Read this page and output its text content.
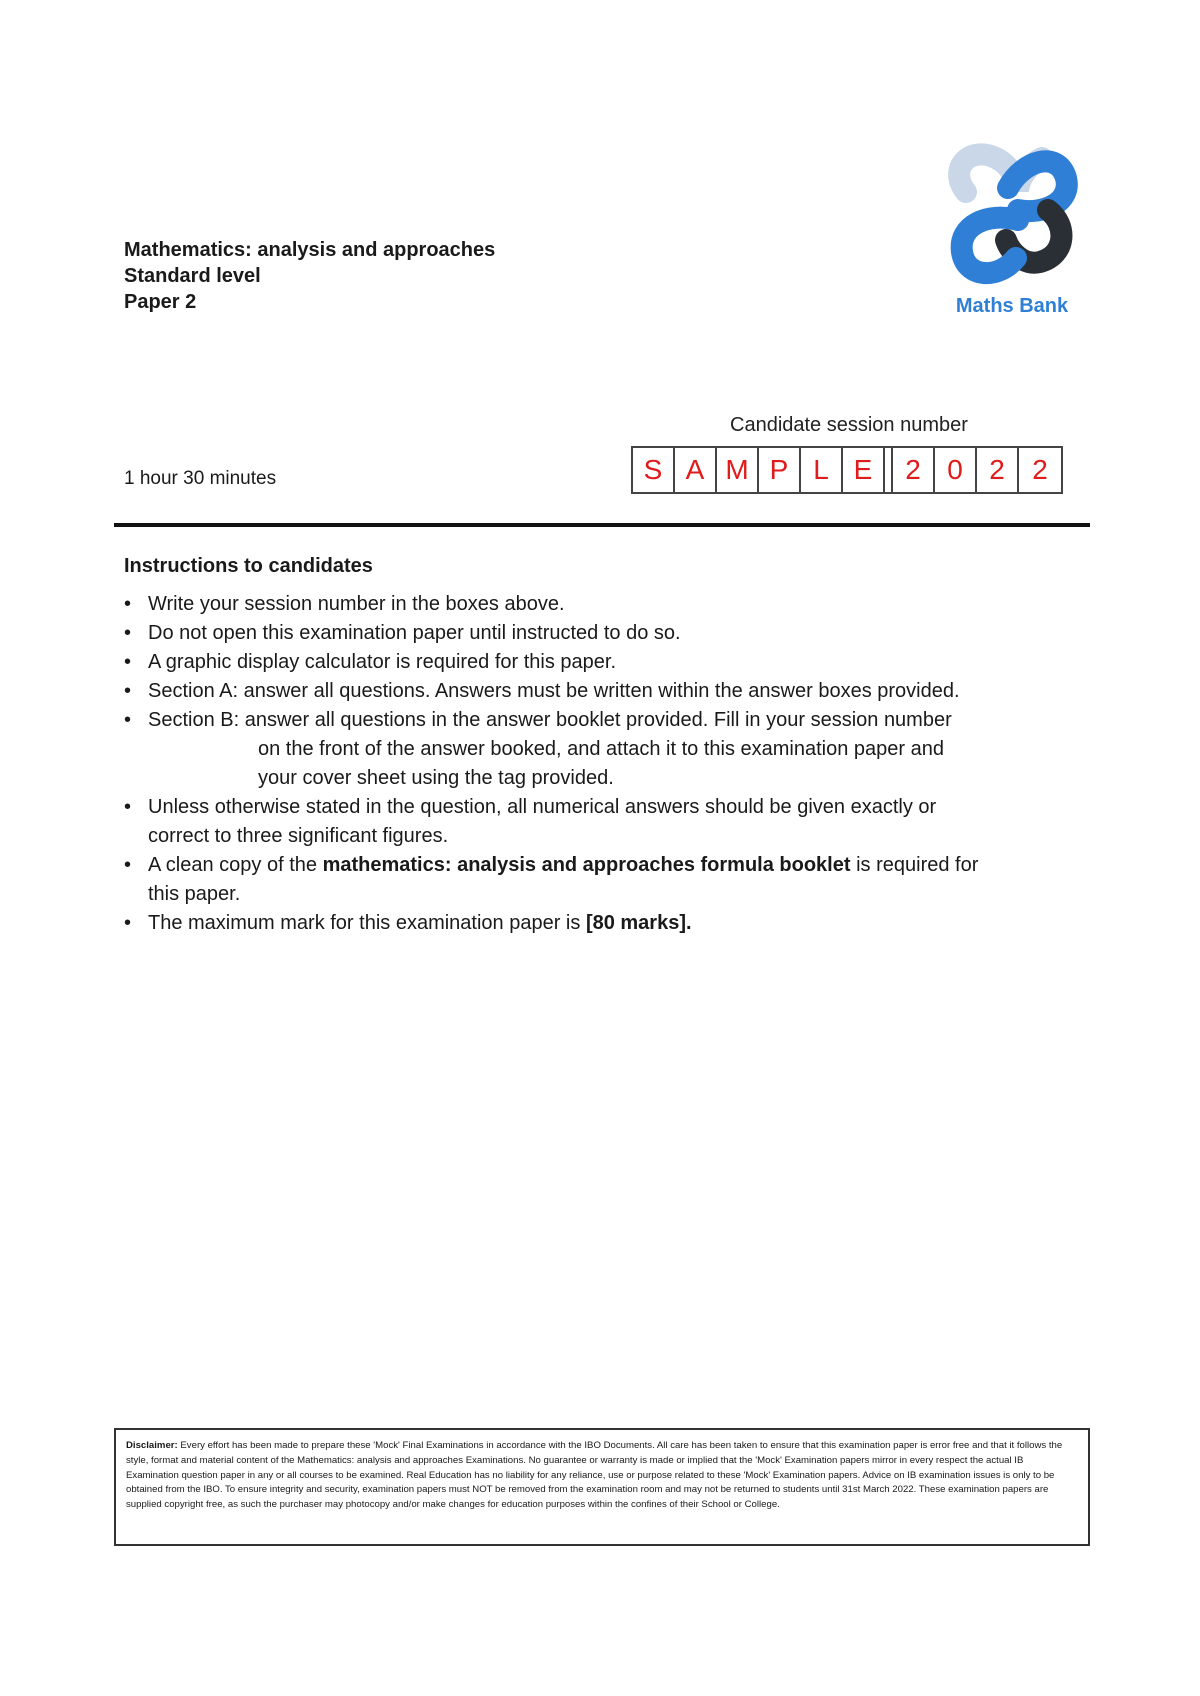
Mathematics: analysis and approaches
Standard level
Paper 2	Maths Bank
Candidate session number
S A M P L E	2 0 2 2
1 hour 30 minutes
Instructions to candidates
• Write your session number in the boxes above.
• Do not open this examination paper until instructed to do so.
• A graphic display calculator is required for this paper.
• Section A: answer all questions. Answers must be written within the answer boxes provided.
• Section B: answer all questions in the answer booklet provided. Fill in your session number
on the front of the answer booked, and attach it to this examination paper and
your cover sheet using the tag provided.
• Unless otherwise stated in the question, all numerical answers should be given exactly or
correct to three significant figures.
• A clean copy of the mathematics: analysis and approaches formula booklet is required for
this paper.
• The maximum mark for this examination paper is [80 marks].
Disclaimer: Every effort has been made to prepare these 'Mock' Final Examinations in accordance with the IBO Documents. All care has been taken to ensure that this examination paper is error free and that it follows the style, format and material content of the Mathematics: analysis and approaches Examinations. No guarantee or warranty is made or implied that the 'Mock' Examination papers mirror in every respect the actual IB Examination question paper in any or all courses to be examined. Real Education has no liability for any reliance, use or purpose related to these 'Mock' Examination papers. Advice on IB examination issues is only to be obtained from the IBO. To ensure integrity and security, examination papers must NOT be removed from the examination room and may not be returned to students until 31st March 2022. These examination papers are supplied copyright free, as such the purchaser may photocopy and/or make changes for education purposes within the confines of their School or College.
